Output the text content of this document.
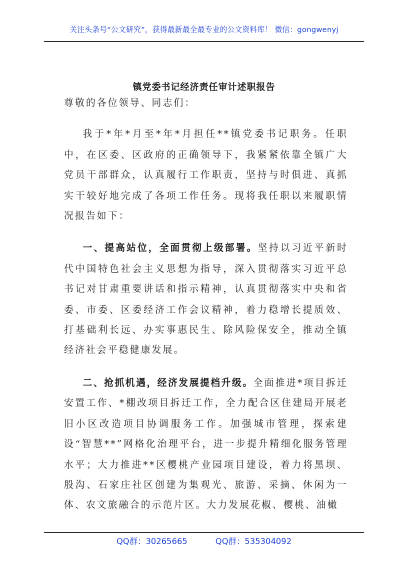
关注头条号“公文研究”，获得最新最全最专业的公文资料库！ 微信：gongwenyj
镇党委书记经济责任审计述职报告

尊敬的各位领导、同志们：

我于*年*月至*年*月担任**镇党委书记职务。任职中，在区委、区政府的正确领导下，我紧紧依靠全镇广大党员干部群众，认真履行工作职责，坚持与时俱进、真抓实干较好地完成了各项工作任务。现将我任职以来履职情况报告如下：

一、提高站位，全面贯彻上级部署。坚持以习近平新时代中国特色社会主义思想为指导，深入贯彻落实习近平总书记对甘肃重要讲话和指示精神，认真贯彻落实中央和省委、市委、区委经济工作会议精神，着力稳增长提质效、打基础利长远、办实事惠民生、除风险保安全，推动全镇经济社会平稳健康发展。

二、抢抓机遇，经济发展提档升级。全面推进*项目拆迁安置工作、*棚改项目拆迁工作，全力配合区住建局开展老旧小区改造项目协调服务工作。加强城市管理，探索建设“智慧**”网格化治理平台，进一步提升精细化服务管理水平；大力推进**区樱桃产业园项目建设，着力将黑坝、殷沟、石家庄社区创建为集观光、旅游、采摘、休闲为一体、农文旅融合的示范片区。大力发展花椒、樱桃、油橄

QQ群：30265665	QQ群：535304092
